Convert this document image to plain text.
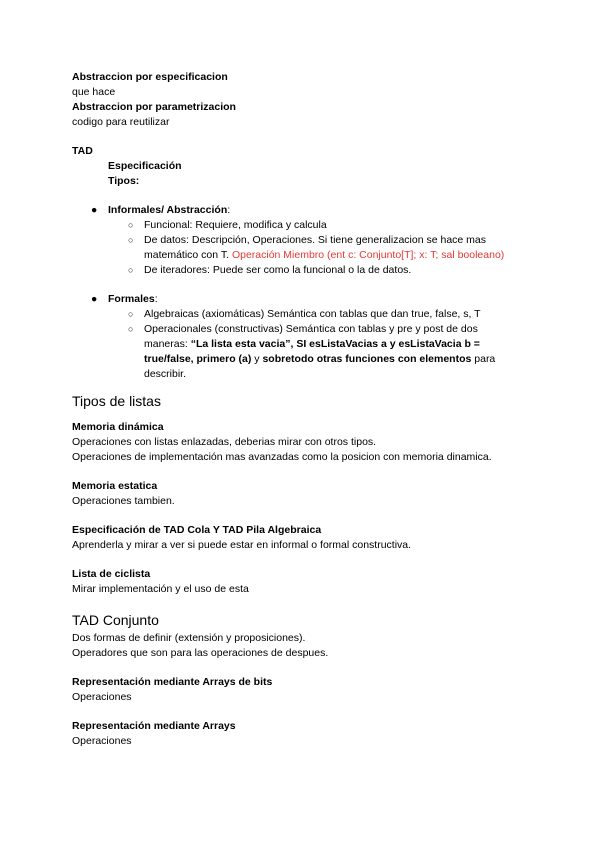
Abstraccion por especificacion
que hace
Abstraccion por parametrizacion
codigo para reutilizar
TAD
Especificación
Tipos:
● Informales/ Abstracción:
○ Funcional: Requiere, modifica y calcula
○ De datos: Descripción, Operaciones. Si tiene generalizacion se hace mas
matemático con T. Operación Miembro (ent c: Conjunto[T]; x: T; sal booleano)
○ De iteradores: Puede ser como la funcional o la de datos.
● Formales:
○ Algebraicas (axiomáticas) Semántica con tablas que dan true, false, s, T
○ Operacionales (constructivas) Semántica con tablas y pre y post de dos
maneras: “La lista esta vacia”, SI esListaVacias a y esListaVacia b =
true/false, primero (a) y sobretodo otras funciones con elementos para
describir.
Tipos de listas
Memoria dinámica
Operaciones con listas enlazadas, deberias mirar con otros tipos.
Operaciones de implementación mas avanzadas como la posicion con memoria dinamica.
Memoria estatica
Operaciones tambien.
Especificación de TAD Cola Y TAD Pila Algebraica
Aprenderla y mirar a ver si puede estar en informal o formal constructiva.
Lista de ciclista
Mirar implementación y el uso de esta
TAD Conjunto
Dos formas de definir (extensión y proposiciones).
Operadores que son para las operaciones de despues.
Representación mediante Arrays de bits
Operaciones
Representación mediante Arrays
Operaciones
